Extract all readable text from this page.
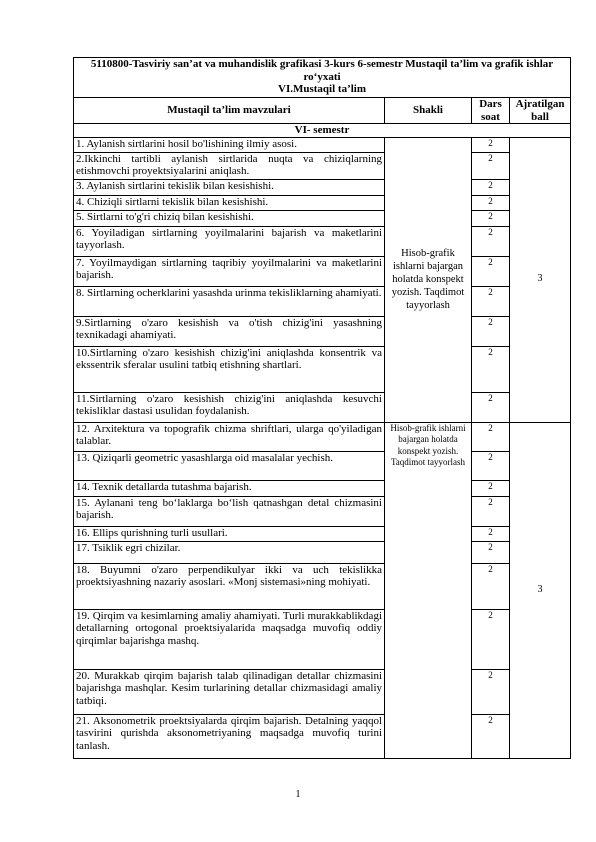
5110800-Tasviriy san’at va muhandislik grafikasi 3-kurs 6-semestr Mustaqil ta’lim va grafik ishlar ro‘yxati
VI.Mustaqil ta’lim			

Mustaqil ta’lim mavzulari	Shakli	Dars soat	Ajratilgan ball
VI- semestr			
1. Aylanish sirtlarini hosil bo'lishining ilmiy asosi.	Hisob-grafik ishlarni bajargan holatda konspekt yozish. Taqdimot tayyorlash	2	3
2.Ikkinchi tartibli aylanish sirtlarida nuqta va chiziqlarning etishmovchi proyektsiyalarini aniqlash.		2	
3. Aylanish sirtlarini tekislik bilan kesishishi.		2	
4. Chiziqli sirtlarni tekislik bilan kesishishi.		2	
5. Sirtlarni to'g'ri chiziq bilan kesishishi.		2	
6. Yoyiladigan sirtlarning yoyilmalarini bajarish va maketlarini tayyorlash.		2	
7. Yoyilmaydigan sirtlarning taqribiy yoyilmalarini va maketlarini bajarish.		2	
8. Sirtlarning ocherklarini yasashda urinma tekisliklarning ahamiyati.		2	
9.Sirtlarning o'zaro kesishish va o'tish chizig'ini yasashning texnikadagi ahamiyati.		2	
10.Sirtlarning o'zaro kesishish chizig'ini aniqlashda konsentrik va ekssentrik sferalar usulini tatbiq etishning shartlari.		2	
11.Sirtlarning o'zaro kesishish chizig'ini aniqlashda kesuvchi tekisliklar dastasi usulidan foydalanish.		2	
12. Arxitektura va topografik chizma shriftlari, ularga qo'yiladigan talablar.	Hisob-grafik ishlarni bajargan holatda konspekt yozish. Taqdimot tayyorlash	2	3
13. Qiziqarli geometric yasashlarga oid masalalar yechish.		2	
14. Texnik detallarda tutashma bajarish.		2	
15. Aylanani teng bo‘laklarga bo‘lish qatnashgan detal chizmasini bajarish.		2	
16. Ellips qurishning turli usullari.		2	
17. Tsiklik egri chizilar.		2	
18. Buyumni o'zaro perpendikulyar ikki va uch tekislikka proektsiyashning nazariy asoslari. «Monj sistemasi»ning mohiyati.		2	
19. Qirqim va kesimlarning amaliy ahamiyati. Turli murakkablikdagi detallarning ortogonal proektsiyalarida maqsadga muvofiq oddiy qirqimlar bajarishga mashq.		2	
20. Murakkab qirqim bajarish talab qilinadigan detallar chizmasini bajarishga mashqlar. Kesim turlarining detallar chizmasidagi amaliy tatbiqi.		2	
21. Aksonometrik proektsiyalarda qirqim bajarish. Detalning yaqqol tasvirini qurishda aksonometriyaning maqsadga muvofiq turini tanlash.		2	
1
